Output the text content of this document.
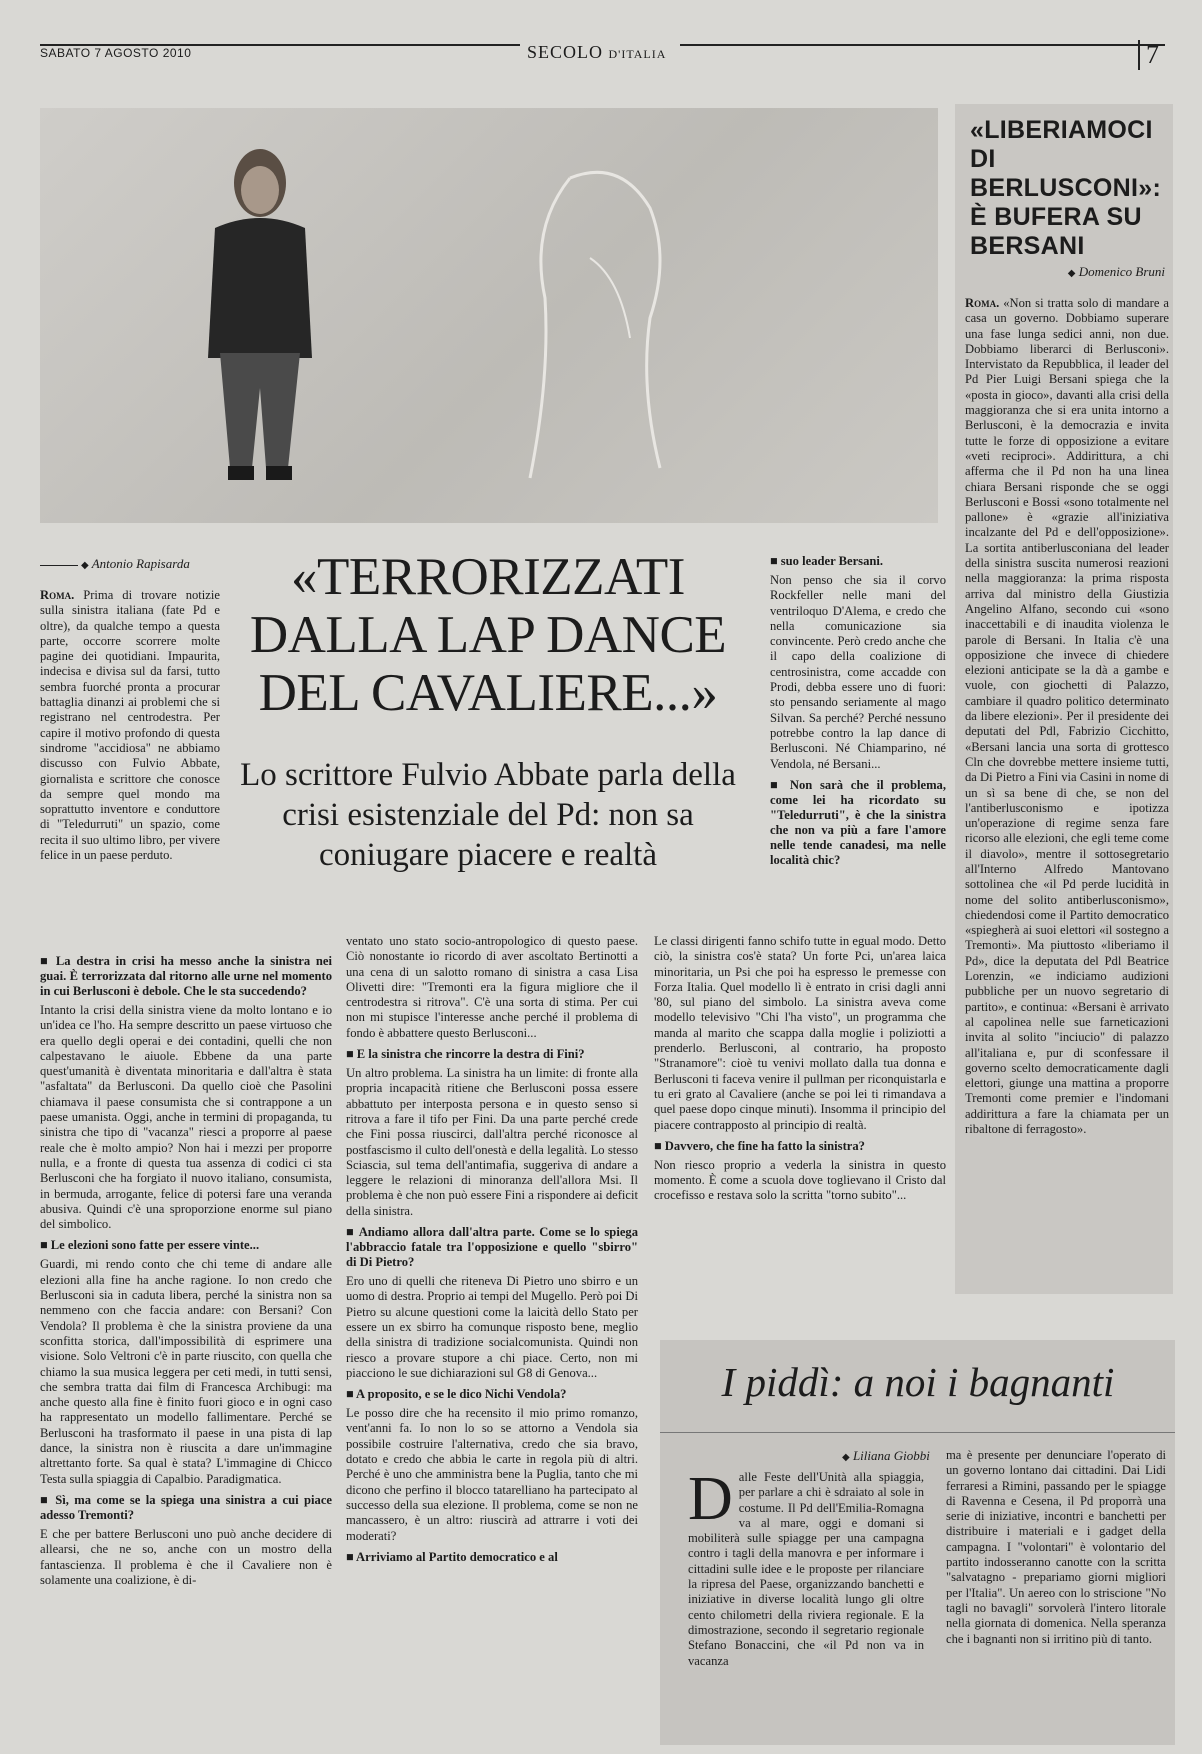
SABATO 7 AGOSTO 2010	SECOLO D'ITALIA	7
◆ Antonio Rapisarda

Roma. Prima di trovare notizie sulla sinistra italiana (fate Pd e oltre), da qualche tempo a questa parte, occorre scorrere molte pagine dei quotidiani. Impaurita, indecisa e divisa sul da farsi, tutto sembra fuorché pronta a procurar battaglia dinanzi ai problemi che si registrano nel centrodestra. Per capire il motivo profondo di questa sindrome "accidiosa" ne abbiamo discusso con Fulvio Abbate, giornalista e scrittore che conosce da sempre quel mondo ma soprattutto inventore e conduttore di "Teledurruti" un spazio, come recita il suo ultimo libro, per vivere felice in un paese perduto.

«TERRORIZZATI DALLA LAP DANCE DEL CAVALIERE...»
Lo scrittore Fulvio Abbate parla della crisi esistenziale del Pd: non sa coniugare piacere e realtà

■ suo leader Bersani.

Non penso che sia il corvo Rockfeller nelle mani del ventriloquo D'Alema, e credo che nella comunicazione sia convincente. Però credo anche che il capo della coalizione di centrosinistra, come accadde con Prodi, debba essere uno di fuori: sto pensando seriamente al mago Silvan. Sa perché? Perché nessuno potrebbe contro la lap dance di Berlusconi. Né Chiamparino, né Vendola, né Bersani...

■ Non sarà che il problema, come lei ha ricordato su "Teledurruti", è che la sinistra che non va più a fare l'amore nelle tende canadesi, ma nelle località chic?

■ La destra in crisi ha messo anche la sinistra nei guai. È terrorizzata dal ritorno alle urne nel momento in cui Berlusconi è debole. Che le sta succedendo?

Intanto la crisi della sinistra viene da molto lontano e io un'idea ce l'ho. Ha sempre descritto un paese virtuoso che era quello degli operai e dei contadini, quelli che non calpestavano le aiuole. Ebbene da una parte quest'umanità è diventata minoritaria e dall'altra è stata "asfaltata" da Berlusconi. Da quello cioè che Pasolini chiamava il paese consumista che si contrappone a un paese umanista. Oggi, anche in termini di propaganda, tu sinistra che tipo di "vacanza" riesci a proporre al paese reale che è molto ampio? Non hai i mezzi per proporre nulla, e a fronte di questa tua assenza di codici ci sta Berlusconi che ha forgiato il nuovo italiano, consumista, in bermuda, arrogante, felice di potersi fare una veranda abusiva. Quindi c'è una sproporzione enorme sul piano del simbolico.

■ Le elezioni sono fatte per essere vinte...

Guardi, mi rendo conto che chi teme di andare alle elezioni alla fine ha anche ragione. Io non credo che Berlusconi sia in caduta libera, perché la sinistra non sa nemmeno con che faccia andare: con Bersani? Con Vendola? Il problema è che la sinistra proviene da una sconfitta storica, dall'impossibilità di esprimere una visione. Solo Veltroni c'è in parte riuscito, con quella che chiamo la sua musica leggera per ceti medi, in tutti sensi, che sembra tratta dai film di Francesca Archibugi: ma anche questo alla fine è finito fuori gioco e in ogni caso ha rappresentato un modello fallimentare. Perché se Berlusconi ha trasformato il paese in una pista di lap dance, la sinistra non è riuscita a dare un'immagine altrettanto forte. Sa qual è stata? L'immagine di Chicco Testa sulla spiaggia di Capalbio. Paradigmatica.

■ Sì, ma come se la spiega una sinistra a cui piace adesso Tremonti?

E che per battere Berlusconi uno può anche decidere di allearsi, che ne so, anche con un mostro della fantascienza. Il problema è che il Cavaliere non è solamente una coalizione, è di-

ventato uno stato socio-antropologico di questo paese. Ciò nonostante io ricordo di aver ascoltato Bertinotti a una cena di un salotto romano di sinistra a casa Lisa Olivetti dire: "Tremonti era la figura migliore che il centrodestra si ritrova". C'è una sorta di stima. Per cui non mi stupisce l'interesse anche perché il problema di fondo è abbattere questo Berlusconi...

■ E la sinistra che rincorre la destra di Fini?

Un altro problema. La sinistra ha un limite: di fronte alla propria incapacità ritiene che Berlusconi possa essere abbattuto per interposta persona e in questo senso si ritrova a fare il tifo per Fini. Da una parte perché crede che Fini possa riuscirci, dall'altra perché riconosce al postfascismo il culto dell'onestà e della legalità. Lo stesso Sciascia, sul tema dell'antimafia, suggeriva di andare a leggere le relazioni di minoranza dell'allora Msi. Il problema è che non può essere Fini a rispondere ai deficit della sinistra.

■ Andiamo allora dall'altra parte. Come se lo spiega l'abbraccio fatale tra l'opposizione e quello "sbirro" di Di Pietro?

Ero uno di quelli che riteneva Di Pietro uno sbirro e un uomo di destra. Proprio ai tempi del Mugello. Però poi Di Pietro su alcune questioni come la laicità dello Stato per essere un ex sbirro ha comunque risposto bene, meglio della sinistra di tradizione socialcomunista. Quindi non riesco a provare stupore a chi piace. Certo, non mi piacciono le sue dichiarazioni sul G8 di Genova...

■ A proposito, e se le dico Nichi Vendola?

Le posso dire che ha recensito il mio primo romanzo, vent'anni fa. Io non lo so se attorno a Vendola sia possibile costruire l'alternativa, credo che sia bravo, dotato e credo che abbia le carte in regola più di altri. Perché è uno che amministra bene la Puglia, tanto che mi dicono che perfino il blocco tatarelliano ha partecipato al successo della sua elezione. Il problema, come se non ne mancassero, è un altro: riuscirà ad attrarre i voti dei moderati?

■ Arriviamo al Partito democratico e al

Le classi dirigenti fanno schifo tutte in egual modo. Detto ciò, la sinistra cos'è stata? Un forte Pci, un'area laica minoritaria, un Psi che poi ha espresso le premesse con Forza Italia. Quel modello lì è entrato in crisi dagli anni '80, sul piano del simbolo. La sinistra aveva come modello televisivo "Chi l'ha visto", un programma che manda al marito che scappa dalla moglie i poliziotti a prenderlo. Berlusconi, al contrario, ha proposto "Stranamore": cioè tu venivi mollato dalla tua donna e Berlusconi ti faceva venire il pullman per riconquistarla e tu eri grato al Cavaliere (anche se poi lei ti rimandava a quel paese dopo cinque minuti). Insomma il principio del piacere contrapposto al principio di realtà.

■ Davvero, che fine ha fatto la sinistra?

Non riesco proprio a vederla la sinistra in questo momento. È come a scuola dove toglievano il Cristo dal crocefisso e restava solo la scritta "torno subito"...

«LIBERIAMOCI DI BERLUSCONI»: È BUFERA SU BERSANI
◆ Domenico Bruni

Roma. «Non si tratta solo di mandare a casa un governo. Dobbiamo superare una fase lunga sedici anni, non due. Dobbiamo liberarci di Berlusconi». Intervistato da Repubblica, il leader del Pd Pier Luigi Bersani spiega che la «posta in gioco», davanti alla crisi della maggioranza che si era unita intorno a Berlusconi, è la democrazia e invita tutte le forze di opposizione a evitare «veti reciproci». Addirittura, a chi afferma che il Pd non ha una linea chiara Bersani risponde che se oggi Berlusconi e Bossi «sono totalmente nel pallone» è «grazie all'iniziativa incalzante del Pd e dell'opposizione». La sortita antiberlusconiana del leader della sinistra suscita numerosi reazioni nella maggioranza: la prima risposta arriva dal ministro della Giustizia Angelino Alfano, secondo cui «sono inaccettabili e di inaudita violenza le parole di Bersani. In Italia c'è una opposizione che invece di chiedere elezioni anticipate se la dà a gambe e vuole, con giochetti di Palazzo, cambiare il quadro politico determinato da libere elezioni». Per il presidente dei deputati del Pdl, Fabrizio Cicchitto, «Bersani lancia una sorta di grottesco Cln che dovrebbe mettere insieme tutti, da Di Pietro a Fini via Casini in nome di un sì sa bene di che, se non del l'antiberlusconismo e ipotizza un'operazione di regime senza fare ricorso alle elezioni, che egli teme come il diavolo», mentre il sottosegretario all'Interno Alfredo Mantovano sottolinea che «il Pd perde lucidità in nome del solito antiberlusconismo», chiedendosi come il Partito democratico «spiegherà ai suoi elettori «il sostegno a Tremonti». Ma piuttosto «liberiamo il Pd», dice la deputata del Pdl Beatrice Lorenzin, «e indiciamo audizioni pubbliche per un nuovo segretario di partito», e continua: «Bersani è arrivato al capolinea nelle sue farneticazioni invita al solito "inciucio" di palazzo all'italiana e, pur di sconfessare il governo scelto democraticamente dagli elettori, giunge una mattina a proporre Tremonti come premier e l'indomani addirittura a fare la chiamata per un ribaltone di ferragosto».

I piddì: a noi i bagnanti
◆ Liliana Giobbi
Dalle Feste dell'Unità alla spiaggia, per parlare a chi è sdraiato al sole in costume. Il Pd dell'Emilia-Romagna va al mare, oggi e domani si mobiliterà sulle spiagge per una campagna contro i tagli della manovra e per informare i cittadini sulle idee e le proposte per rilanciare la ripresa del Paese, organizzando banchetti e iniziative in diverse località lungo gli oltre cento chilometri della riviera regionale. E la dimostrazione, secondo il segretario regionale Stefano Bonaccini, che «il Pd non va in vacanza
ma è presente per denunciare l'operato di un governo lontano dai cittadini. Dai Lidi ferraresi a Rimini, passando per le spiagge di Ravenna e Cesena, il Pd proporrà una serie di iniziative, incontri e banchetti per distribuire i materiali e i gadget della campagna. I "volontari" è volontario del partito indosseranno canotte con la scritta "salvatagno - prepariamo giorni migliori per l'Italia". Un aereo con lo striscione "No tagli no bavagli" sorvolerà l'intero litorale nella giornata di domenica. Nella speranza che i bagnanti non si irritino più di tanto.
